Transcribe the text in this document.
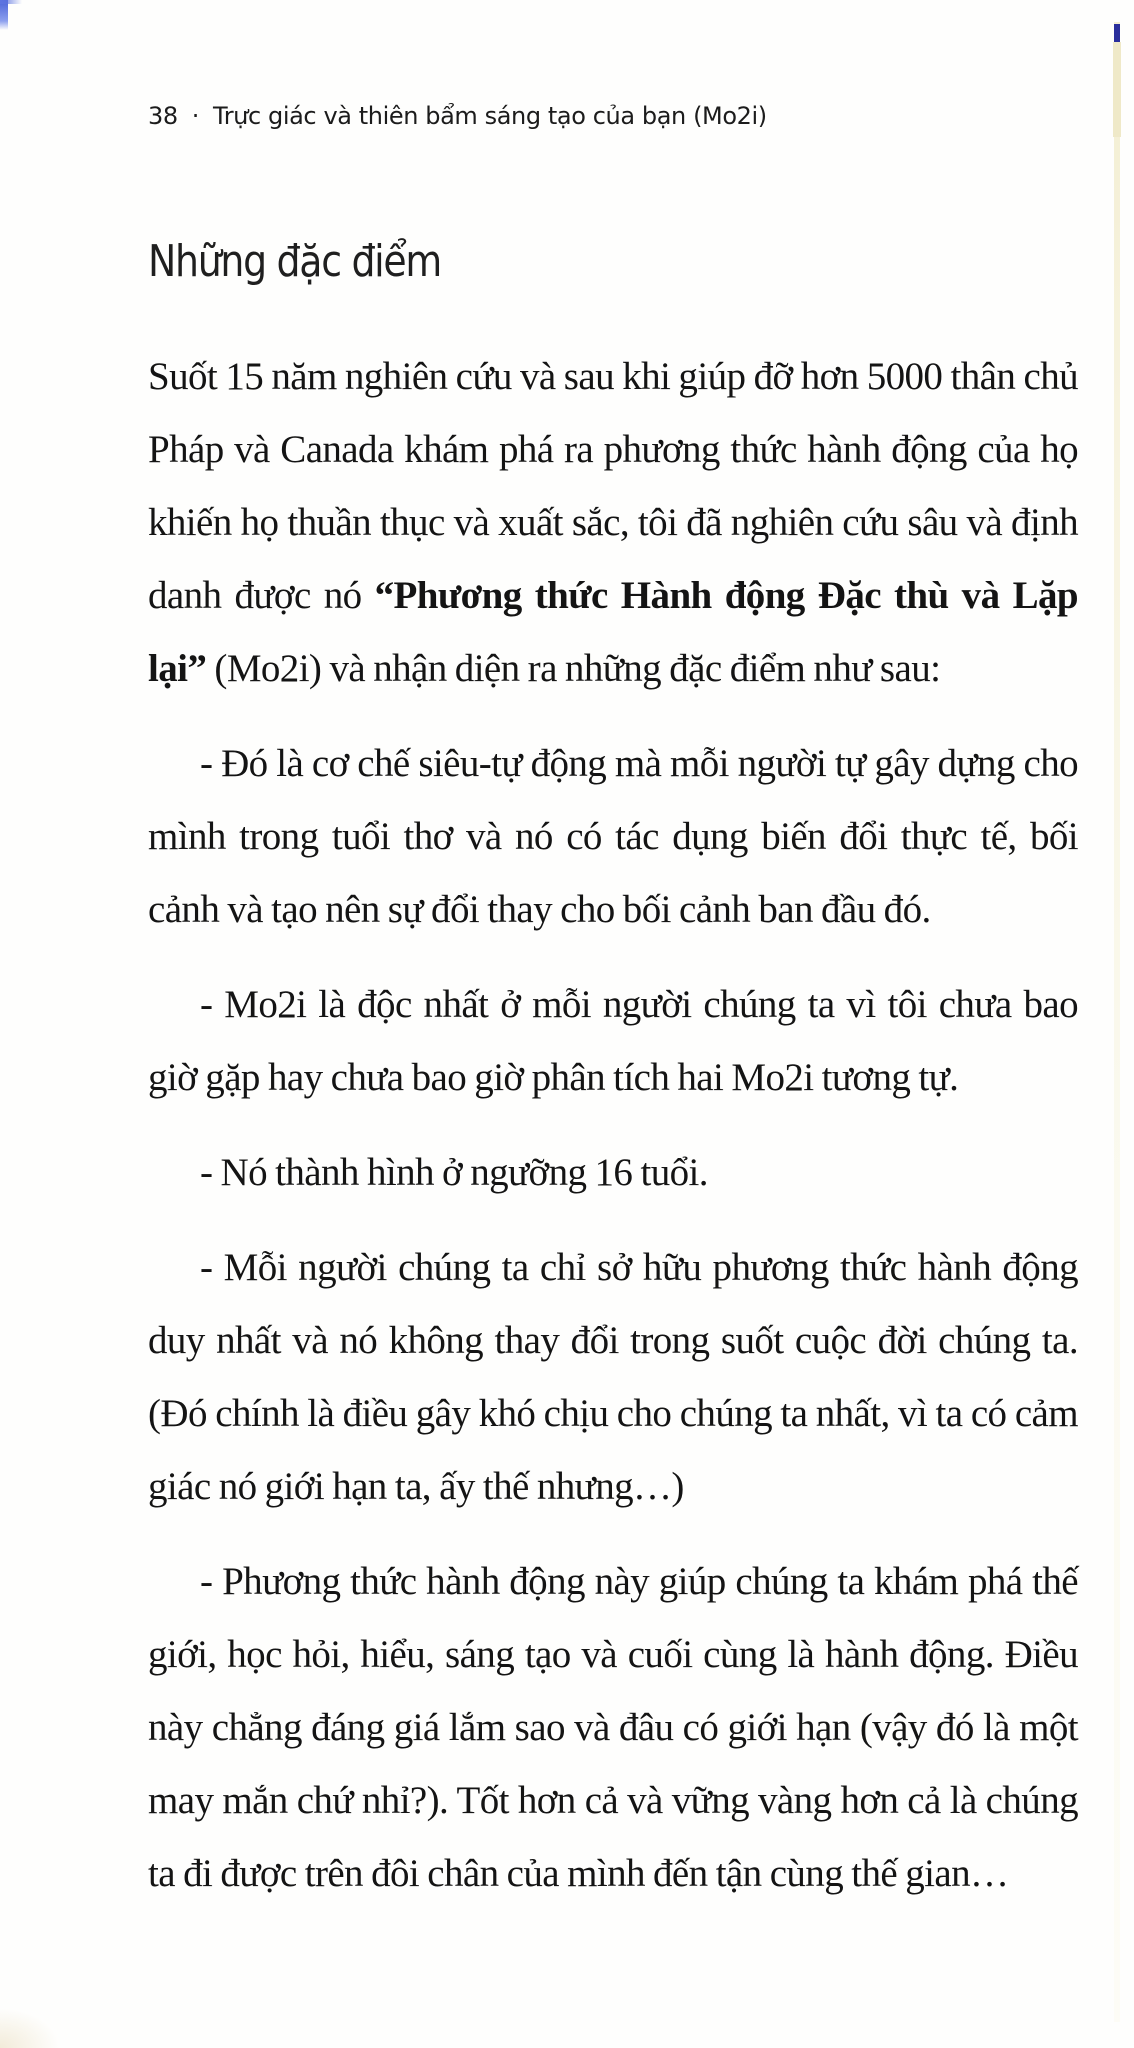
38 · Trực giác và thiên bẩm sáng tạo của bạn (Mo2i)
Những đặc điểm

Suốt 15 năm nghiên cứu và sau khi giúp đỡ hơn 5000 thân chủ Pháp và Canada khám phá ra phương thức hành động của họ khiến họ thuần thục và xuất sắc, tôi đã nghiên cứu sâu và định danh được nó “Phương thức Hành động Đặc thù và Lặp lại” (Mo2i) và nhận diện ra những đặc điểm như sau:

- Đó là cơ chế siêu-tự động mà mỗi người tự gây dựng cho mình trong tuổi thơ và nó có tác dụng biến đổi thực tế, bối cảnh và tạo nên sự đổi thay cho bối cảnh ban đầu đó.

- Mo2i là độc nhất ở mỗi người chúng ta vì tôi chưa bao giờ gặp hay chưa bao giờ phân tích hai Mo2i tương tự.

- Nó thành hình ở ngưỡng 16 tuổi.

- Mỗi người chúng ta chỉ sở hữu phương thức hành động duy nhất và nó không thay đổi trong suốt cuộc đời chúng ta. (Đó chính là điều gây khó chịu cho chúng ta nhất, vì ta có cảm giác nó giới hạn ta, ấy thế nhưng…)

- Phương thức hành động này giúp chúng ta khám phá thế giới, học hỏi, hiểu, sáng tạo và cuối cùng là hành động. Điều này chẳng đáng giá lắm sao và đâu có giới hạn (vậy đó là một may mắn chứ nhỉ?). Tốt hơn cả và vững vàng hơn cả là chúng ta đi được trên đôi chân của mình đến tận cùng thế gian…
